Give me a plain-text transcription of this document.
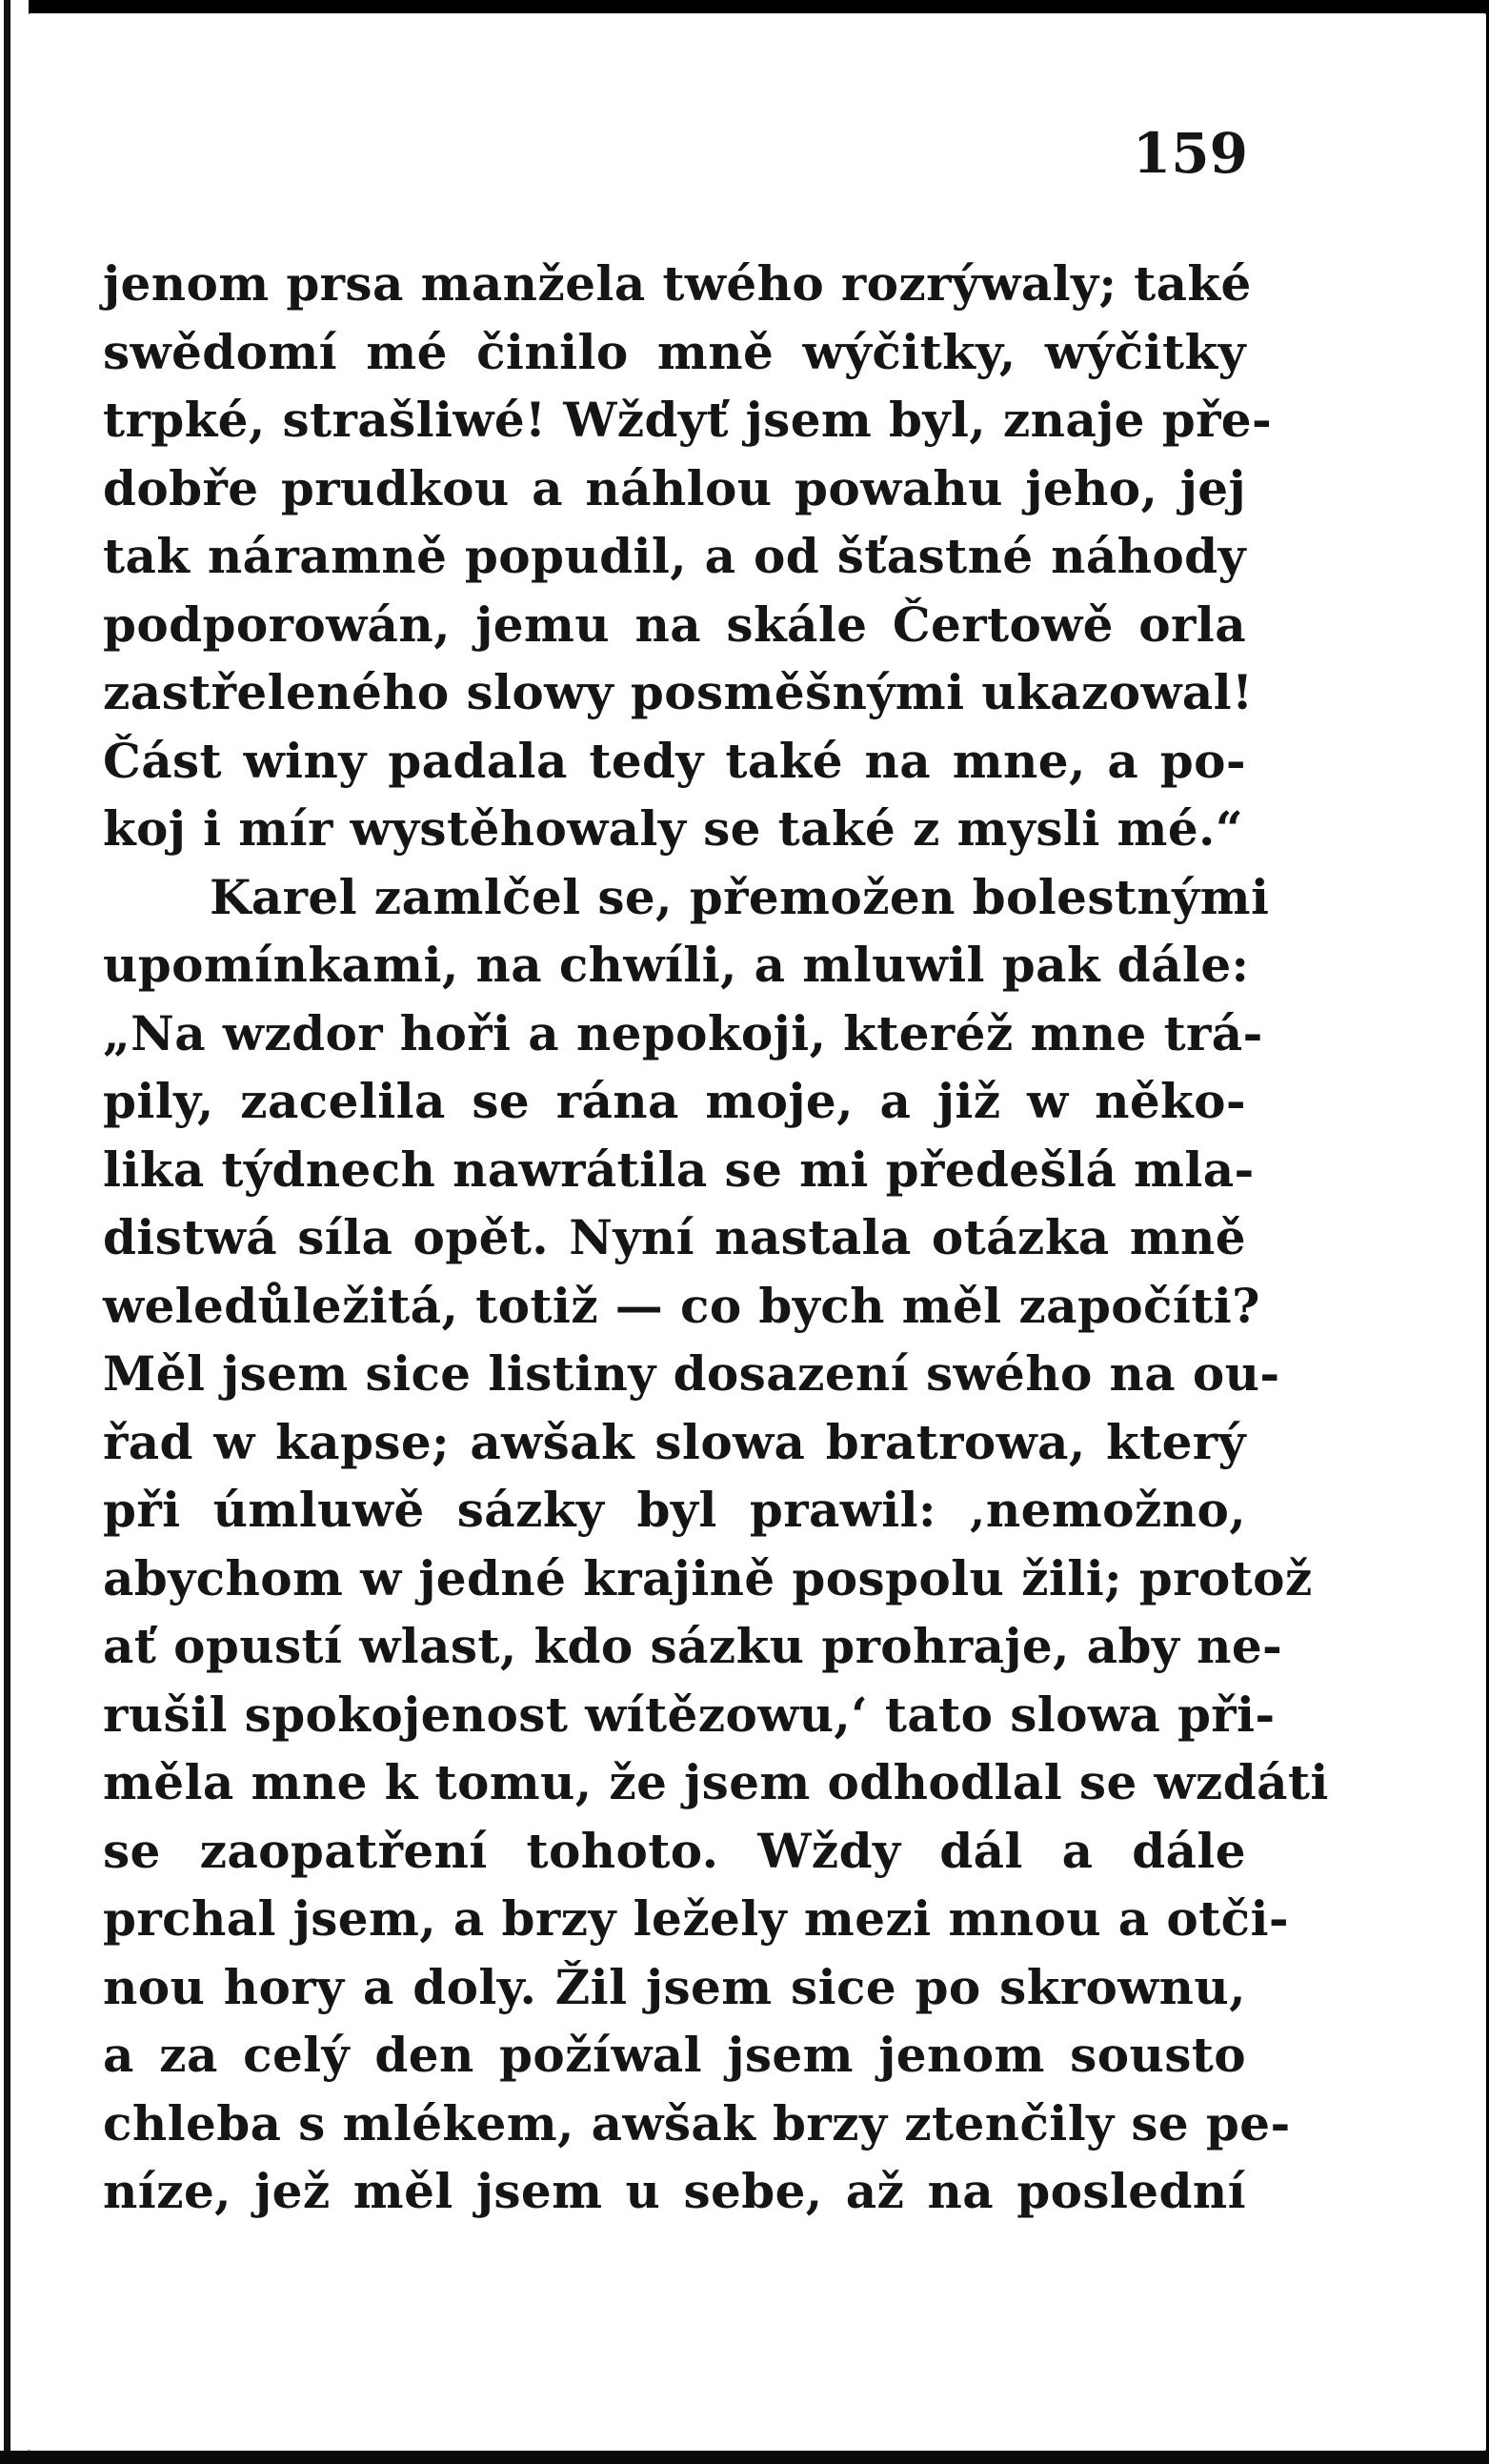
159
jenom prsa manžela twého rozrýwaly; také
swědomí mé činilo mně wýčitky, wýčitky
trpké, strašliwé! Wždyť jsem byl, znaje pře-
dobře prudkou a náhlou powahu jeho, jej
tak náramně popudil, a od šťastné náhody
podporowán, jemu na skále Čertowě orla
zastřeleného slowy posměšnými ukazowal!
Část winy padala tedy také na mne, a po-
koj i mír wystěhowaly se také z mysli mé.“
Karel zamlčel se, přemožen bolestnými
upomínkami, na chwíli, a mluwil pak dále:
„Na wzdor hoři a nepokoji, kteréž mne trá-
pily, zacelila se rána moje, a již w něko-
lika týdnech nawrátila se mi předešlá mla-
distwá síla opět. Nyní nastala otázka mně
weledůležitá, totiž — co bych měl započíti?
Měl jsem sice listiny dosazení swého na ou-
řad w kapse; awšak slowa bratrowa, který
při úmluwě sázky byl prawil: ‚nemožno,
abychom w jedné krajině pospolu žili; protož
ať opustí wlast, kdo sázku prohraje, aby ne-
rušil spokojenost wítězowu,‘ tato slowa při-
měla mne k tomu, že jsem odhodlal se wzdáti
se zaopatření tohoto. Wždy dál a dále
prchal jsem, a brzy ležely mezi mnou a otči-
nou hory a doly. Žil jsem sice po skrownu,
a za celý den požíwal jsem jenom sousto
chleba s mlékem, awšak brzy ztenčily se pe-
níze, jež měl jsem u sebe, až na poslední
